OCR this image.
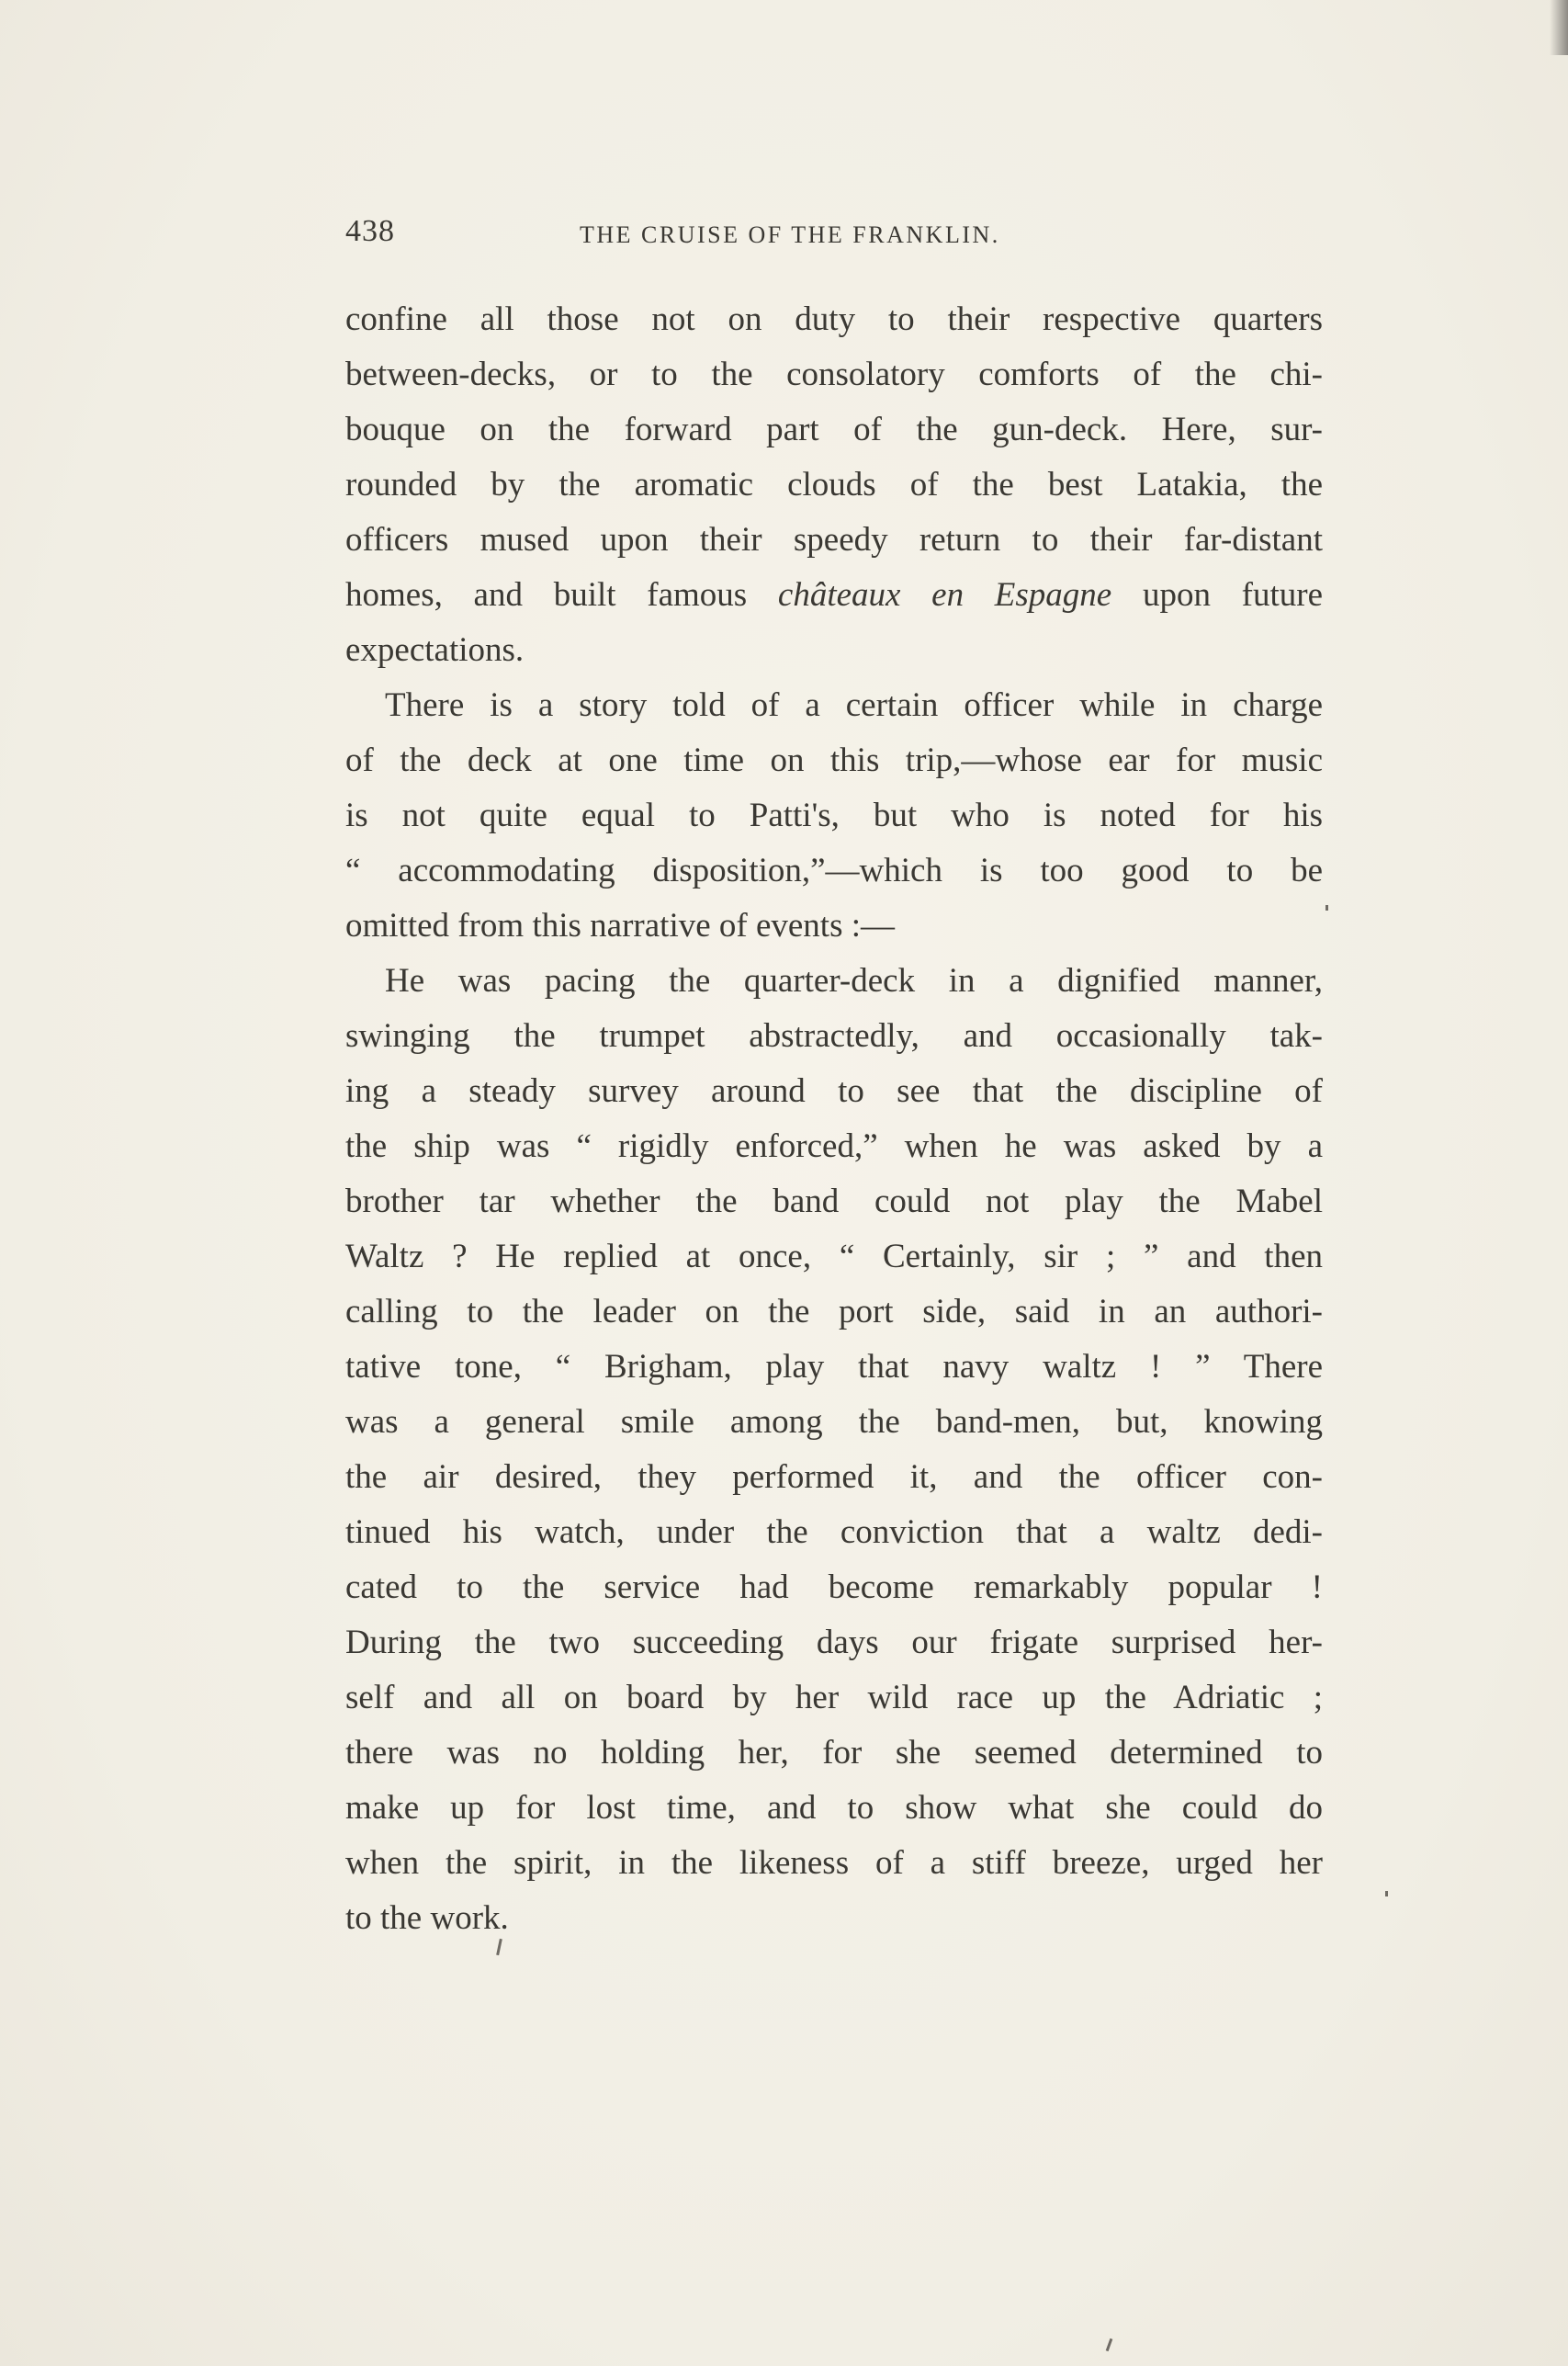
438	THE CRUISE OF THE FRANKLIN.
confine all those not on duty to their respective quarters
between-decks, or to the consolatory comforts of the chi-
bouque on the forward part of the gun-deck. Here, sur-
rounded by the aromatic clouds of the best Latakia, the
officers mused upon their speedy return to their far-distant
homes, and built famous châteaux en Espagne upon future
expectations.
There is a story told of a certain officer while in charge
of the deck at one time on this trip,—whose ear for music
is not quite equal to Patti's, but who is noted for his
“ accommodating disposition,”—which is too good to be
omitted from this narrative of events :—
He was pacing the quarter-deck in a dignified manner,
swinging the trumpet abstractedly, and occasionally tak-
ing a steady survey around to see that the discipline of
the ship was “ rigidly enforced,” when he was asked by a
brother tar whether the band could not play the Mabel
Waltz ? He replied at once, “ Certainly, sir ; ” and then
calling to the leader on the port side, said in an authori-
tative tone, “ Brigham, play that navy waltz ! ” There
was a general smile among the band-men, but, knowing
the air desired, they performed it, and the officer con-
tinued his watch, under the conviction that a waltz dedi-
cated to the service had become remarkably popular !
During the two succeeding days our frigate surprised her-
self and all on board by her wild race up the Adriatic ;
there was no holding her, for she seemed determined to
make up for lost time, and to show what she could do
when the spirit, in the likeness of a stiff breeze, urged her
to the work.
